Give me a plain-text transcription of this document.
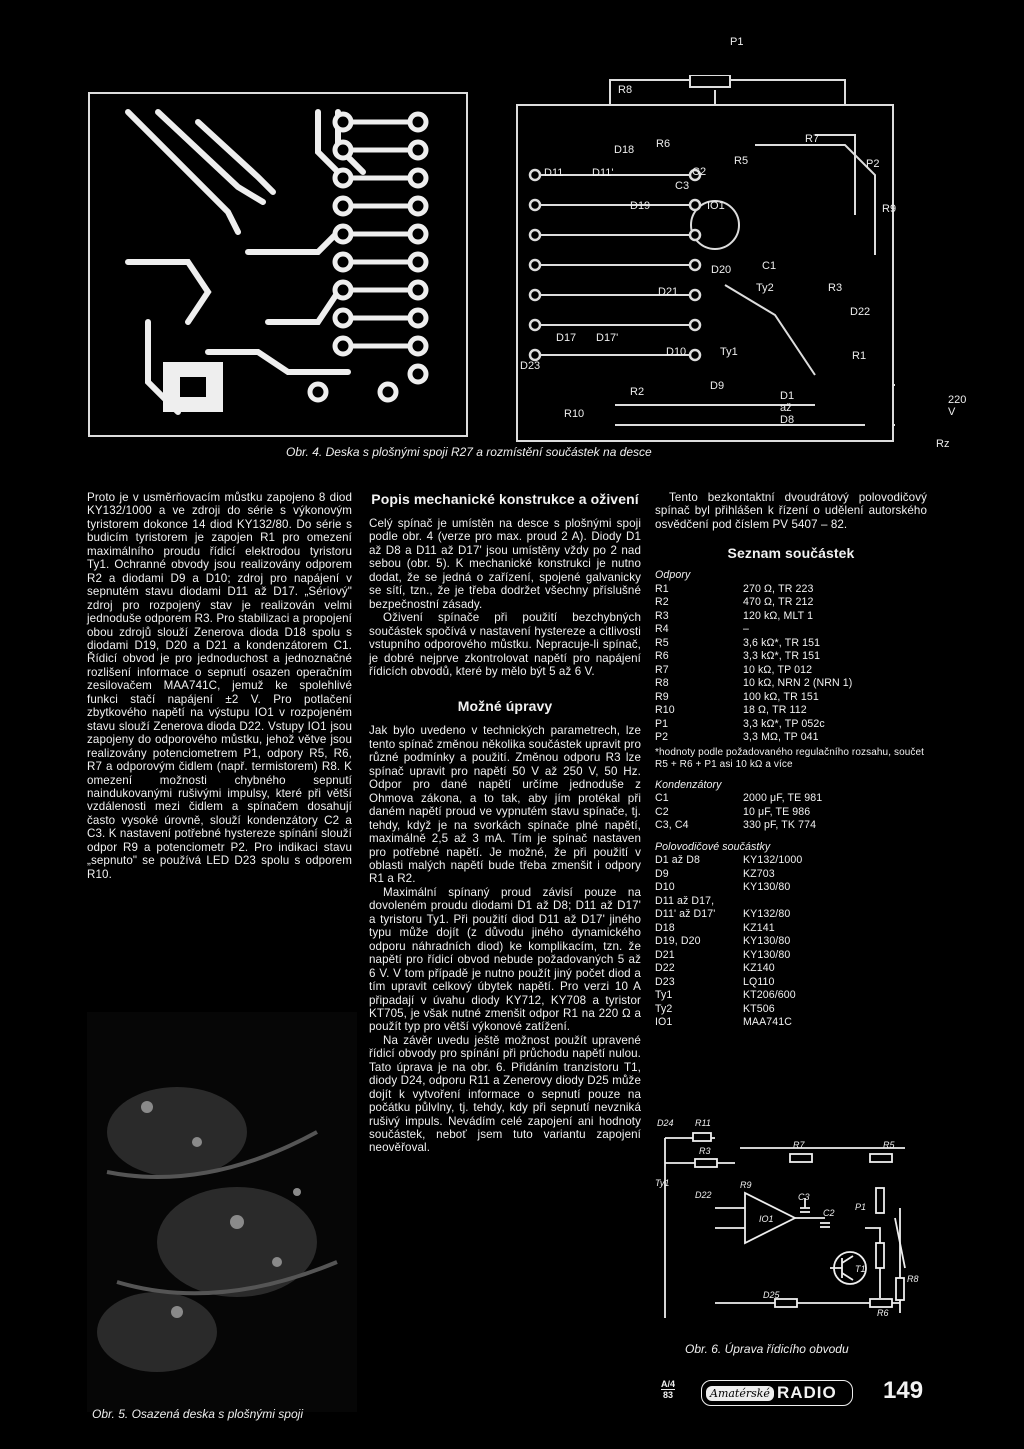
P1
R8
R6
D18
R5
R7
P2
R9
D11	D11'
C3
C2
D19	IO1
D20
Ty2
C1
R3
D22
D21
R1
D17 D17'
D10	Ty1
D23
R2	D9
D1 až D8
R10
220 V
Rz
Obr. 4. Deska s plošnými spoji R27 a rozmístění součástek na desce

Proto je v usměrňovacím můstku zapojeno 8 diod KY132/1000 a ve zdroji do série s výkonovým tyristorem dokonce 14 diod KY132/80. Do série s budicím tyristorem je zapojen R1 pro omezení maximálního proudu řídicí elektrodou tyristoru Ty1. Ochranné obvody jsou realizovány odporem R2 a diodami D9 a D10; zdroj pro napájení v sepnutém stavu diodami D11 až D17. „Sériový" zdroj pro rozpojený stav je realizován velmi jednoduše odporem R3. Pro stabilizaci a propojení obou zdrojů slouží Zenerova dioda D18 spolu s diodami D19, D20 a D21 a kondenzátorem C1. Řídicí obvod je pro jednoduchost a jednoznačné rozlišení informace o sepnutí osazen operačním zesilovačem MAA741C, jemuž ke spolehlivé funkci stačí napájení ±2 V. Pro potlačení zbytkového napětí na výstupu IO1 v rozpojeném stavu slouží Zenerova dioda D22. Vstupy IO1 jsou zapojeny do odporového můstku, jehož větve jsou realizovány potenciometrem P1, odpory R5, R6, R7 a odporovým čidlem (např. termistorem) R8. K omezení možnosti chybného sepnutí naindukovanými rušivými impulsy, které při větší vzdálenosti mezi čidlem a spínačem dosahují často vysoké úrovně, slouží kondenzátory C2 a C3. K nastavení potřebné hystereze spínání slouží odpor R9 a potenciometr P2. Pro indikaci stavu „sepnuto" se používá LED D23 spolu s odporem R10.

Obr. 5. Osazená deska s plošnými spoji
Popis mechanické konstrukce a oživení

Celý spínač je umístěn na desce s plošnými spoji podle obr. 4 (verze pro max. proud 2 A). Diody D1 až D8 a D11 až D17' jsou umístěny vždy po 2 nad sebou (obr. 5). K mechanické konstrukci je nutno dodat, že se jedná o zařízení, spojené galvanicky se sítí, tzn., že je třeba dodržet všechny příslušné bezpečnostní zásady.

Oživení spínače při použití bezchybných součástek spočívá v nastavení hystereze a citlivosti vstupního odporového můstku. Nepracuje-li spínač, je dobré nejprve zkontrolovat napětí pro napájení řídicích obvodů, které by mělo být 5 až 6 V.

Možné úpravy

Jak bylo uvedeno v technických parametrech, lze tento spínač změnou několika součástek upravit pro různé podmínky a použití. Změnou odporu R3 lze spínač upravit pro napětí 50 V až 250 V, 50 Hz. Odpor pro dané napětí určíme jednoduše z Ohmova zákona, a to tak, aby jím protékal při daném napětí proud ve vypnutém stavu spínače, tj. tehdy, když je na svorkách spínače plné napětí, maximálně 2,5 až 3 mA. Tím je spínač nastaven pro potřebné napětí. Je možné, že při použití v oblasti malých napětí bude třeba zmenšit i odpory R1 a R2.

Maximální spínaný proud závisí pouze na dovoleném proudu diodami D1 až D8; D11 až D17' a tyristoru Ty1. Při použití diod D11 až D17' jiného typu může dojít (z důvodu jiného dynamického odporu náhradních diod) ke komplikacím, tzn. že napětí pro řídicí obvod nebude požadovaných 5 až 6 V. V tom případě je nutno použít jiný počet diod a tím upravit celkový úbytek napětí. Pro verzi 10 A připadají v úvahu diody KY712, KY708 a tyristor KT705, je však nutné zmenšit odpor R1 na 220 Ω a použít typ pro větší výkonové zatížení.

Na závěr uvedu ještě možnost použít upravené řídicí obvody pro spínání při průchodu napětí nulou. Tato úprava je na obr. 6. Přidáním tranzistoru T1, diody D24, odporu R11 a Zenerovy diody D25 může dojít k vytvoření informace o sepnutí pouze na počátku půlvlny, tj. tehdy, kdy při sepnutí nevzniká rušivý impuls. Nevádím celé zapojení ani hodnoty součástek, neboť jsem tuto variantu zapojení neověřoval.

Tento bezkontaktní dvoudrátový polovodičový spínač byl přihlášen k řízení o udělení autorského osvědčení pod číslem PV 5407 – 82.

Seznam součástek
Odpory
R1	270 Ω, TR 223
R2	470 Ω, TR 212
R3	120 kΩ, MLT 1
R4	–
R5	3,6 kΩ*, TR 151
R6	3,3 kΩ*, TR 151
R7	10 kΩ, TP 012
R8	10 kΩ, NRN 2 (NRN 1)
R9	100 kΩ, TR 151
R10	18 Ω, TR 112
P1	3,3 kΩ*, TP 052c
P2	3,3 MΩ, TP 041
*hodnoty podle požadovaného regulačního rozsahu, součet R5 + R6 + P1 asi 10 kΩ a více
Kondenzátory
C1	2000 μF, TE 981
C2	10 μF, TE 986
C3, C4	330 pF, TK 774
Polovodičové součástky
D1 až D8	KY132/1000
D9	KZ703
D10	KY130/80
D11 až D17,
D11' až D17'	KY132/80
D18	KZ141
D19, D20	KY130/80
D21	KY130/80
D22	KZ140
D23	LQ110
Ty1	KT206/600
Ty2	KT506
IO1	MAA741C
D24 R11
R3
R7	R5
Ty1	R9
D22
IO1
C3
C2
P1
T1
D25
R6
R8
Obr. 6. Úprava řídicího obvodu
A/4
83	Amatérské RADIO 149
